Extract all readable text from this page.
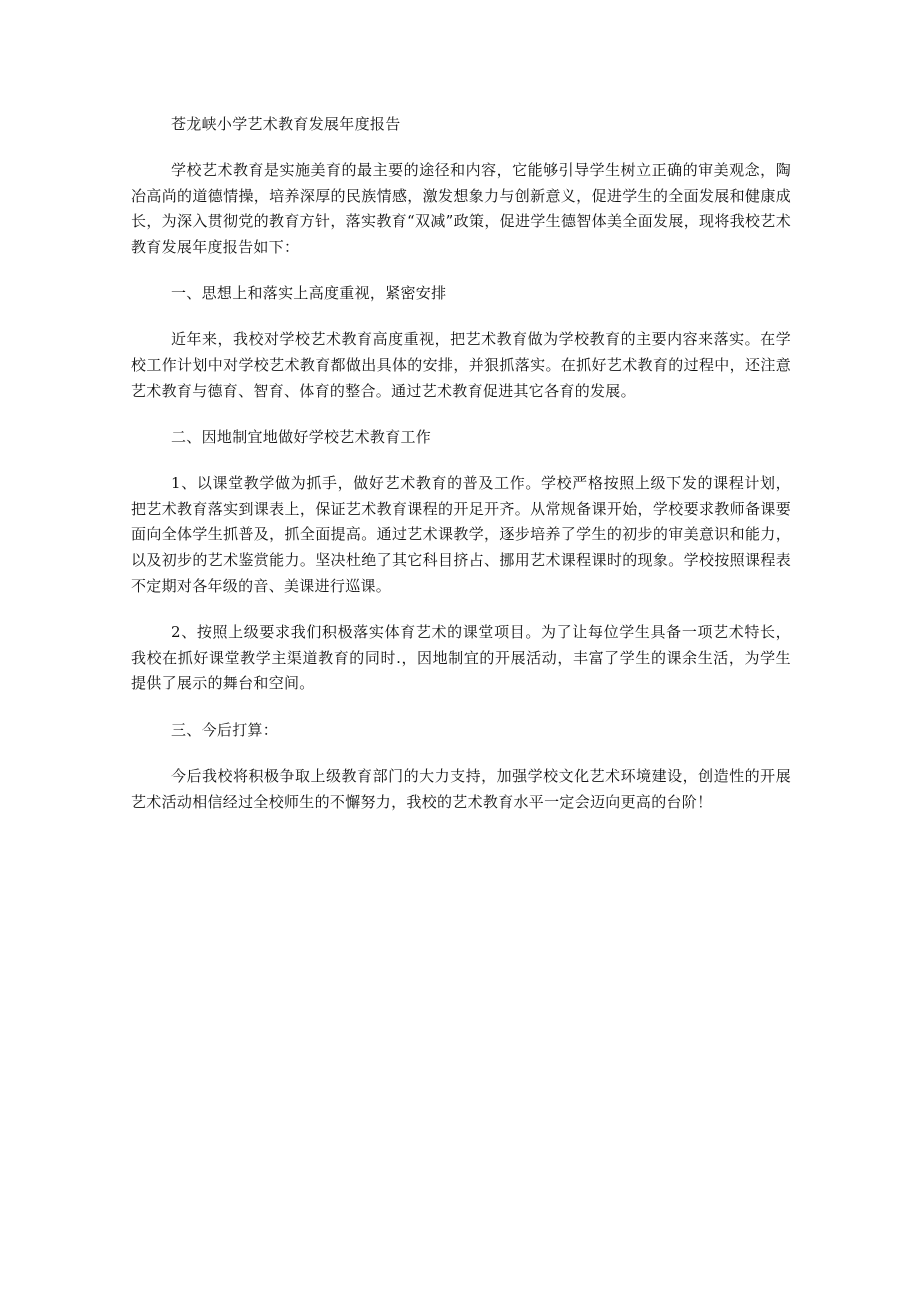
苍龙峡小学艺术教育发展年度报告

学校艺术教育是实施美育的最主要的途径和内容，它能够引导学生树立正确的审美观念，陶冶高尚的道德情操，培养深厚的民族情感，激发想象力与创新意义，促进学生的全面发展和健康成长，为深入贯彻党的教育方针，落实教育“双减”政策，促进学生德智体美全面发展，现将我校艺术教育发展年度报告如下：

一、思想上和落实上高度重视，紧密安排

近年来，我校对学校艺术教育高度重视，把艺术教育做为学校教育的主要内容来落实。在学校工作计划中对学校艺术教育都做出具体的安排，并狠抓落实。在抓好艺术教育的过程中，还注意艺术教育与德育、智育、体育的整合。通过艺术教育促进其它各育的发展。

二、因地制宜地做好学校艺术教育工作

1、以课堂教学做为抓手，做好艺术教育的普及工作。学校严格按照上级下发的课程计划，把艺术教育落实到课表上，保证艺术教育课程的开足开齐。从常规备课开始，学校要求教师备课要面向全体学生抓普及，抓全面提高。通过艺术课教学，逐步培养了学生的初步的审美意识和能力，以及初步的艺术鉴赏能力。坚决杜绝了其它科目挤占、挪用艺术课程课时的现象。学校按照课程表不定期对各年级的音、美课进行巡课。

2、按照上级要求我们积极落实体育艺术的课堂项目。为了让每位学生具备一项艺术特长，我校在抓好课堂教学主渠道教育的同时.，因地制宜的开展活动，丰富了学生的课余生活，为学生提供了展示的舞台和空间。

三、今后打算：

今后我校将积极争取上级教育部门的大力支持，加强学校文化艺术环境建设，创造性的开展艺术活动相信经过全校师生的不懈努力，我校的艺术教育水平一定会迈向更高的台阶！
